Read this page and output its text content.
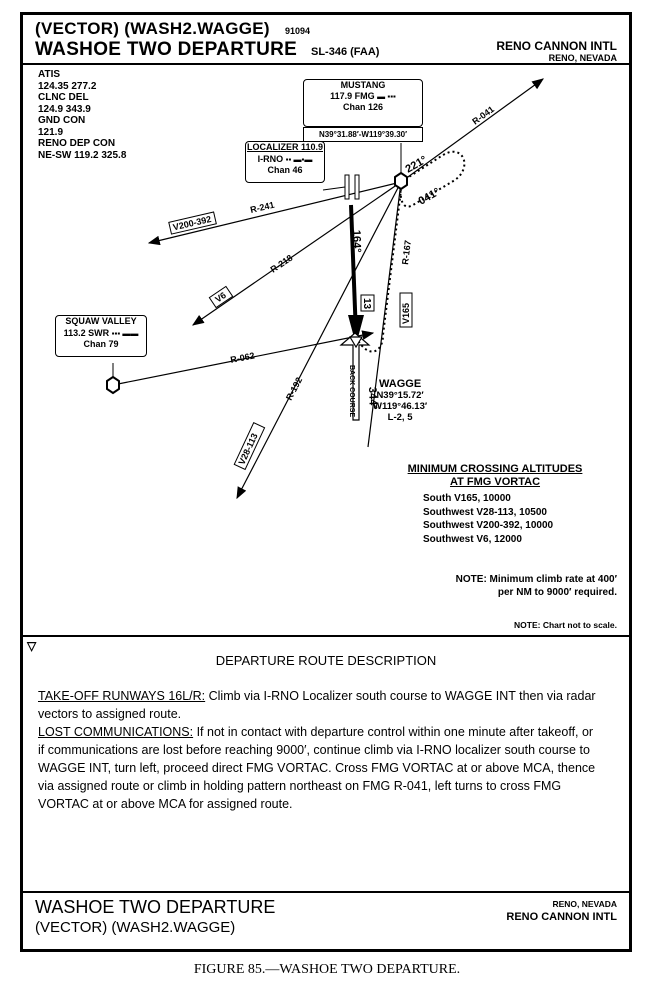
(VECTOR) (WASH2.WAGGE) 91094
WASHOE TWO DEPARTURE SL-346 (FAA)	RENO CANNON INTL
RENO, NEVADA
ATIS
124.35 277.2
CLNC DEL
124.9 343.9
GND CON
121.9
RENO DEP CON
NE-SW 119.2 325.8
R-041
R-241
R-218
R-062
R-192
R-167
164°
344°
BACK COURSE
221°
041°
V200-392
V6
V165
V28-113
13
MUSTANG
117.9 FMG ▬ ▪▪▪
Chan 126
N39°31.88′-W119°39.30′
LOCALIZER 110.9
I-RNO ▪▪ ▬▪▬
Chan 46
SQUAW VALLEY
113.2 SWR ▪▪▪ ▬▬
Chan 79
WAGGE
N39°15.72′
W119°46.13′
L-2, 5
MINIMUM CROSSING ALTITUDES
AT FMG VORTAC
South V165, 10000
Southwest V28-113, 10500
Southwest V200-392, 10000
Southwest V6, 12000
NOTE: Minimum climb rate at 400′
per NM to 9000′ required.
NOTE: Chart not to scale.
▽
DEPARTURE ROUTE DESCRIPTION

TAKE-OFF RUNWAYS 16L/R: Climb via I-RNO Localizer south course to WAGGE INT then via radar vectors to assigned route.

LOST COMMUNICATIONS: If not in contact with departure control within one minute after takeoff, or if communications are lost before reaching 9000′, continue climb via I-RNO localizer south course to WAGGE INT, turn left, proceed direct FMG VORTAC. Cross FMG VORTAC at or above MCA, thence via assigned route or climb in holding pattern northeast on FMG R-041, left turns to cross FMG VORTAC at or above MCA for assigned route.

WASHOE TWO DEPARTURE
(VECTOR) (WASH2.WAGGE)
RENO, NEVADA
RENO CANNON INTL
FIGURE 85.—WASHOE TWO DEPARTURE.
